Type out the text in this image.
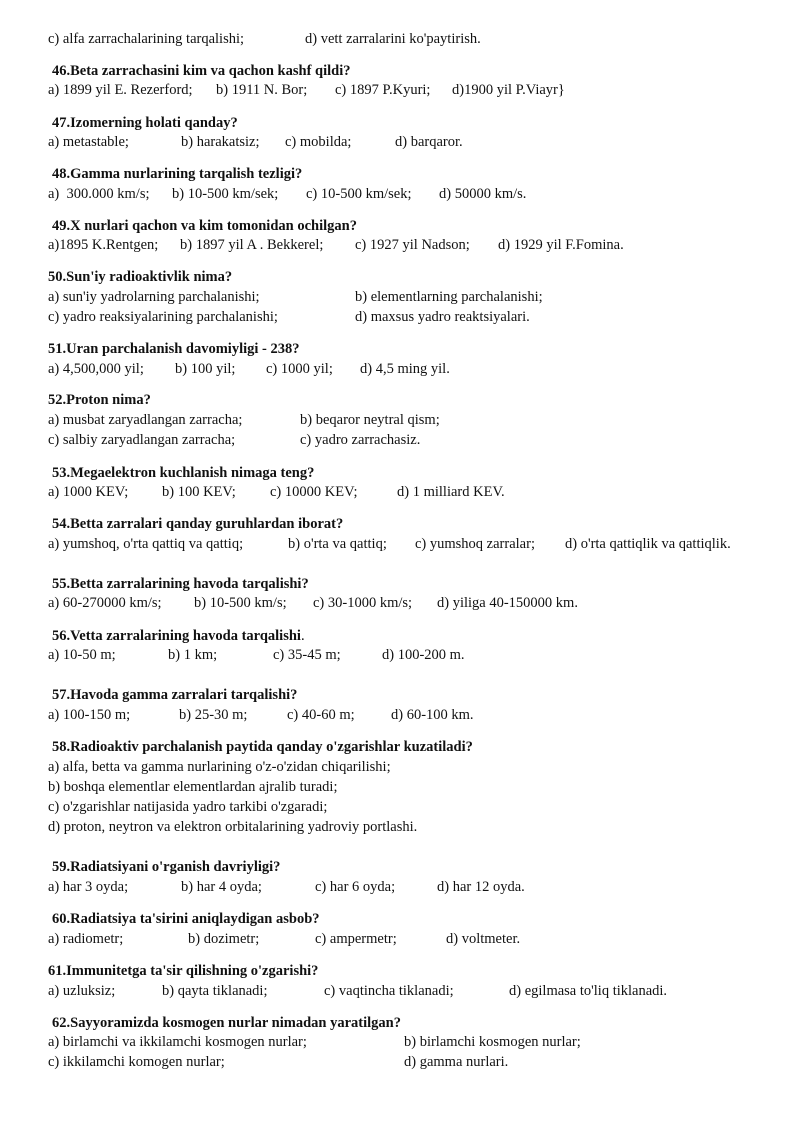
c) alfa zarrachalarining tarqalishi;	d) vett zarralarini ko'paytirish.
46.Beta zarrachasini kim va qachon kashf qildi?
a) 1899 yil E. Rezerford; b) 1911 N. Bor; c) 1897 P.Kyuri; d)1900 yil P.Viayr}
47.Izomerning holati qanday?
a) metastable;	b) harakatsiz; c) mobilda;	d) barqaror.
48.Gamma nurlarining tarqalish tezligi?
a)  300.000 km/s; b) 10-500 km/sek; c) 10-500 km/sek; d) 50000 km/s.
49.X nurlari qachon va kim tomonidan ochilgan?
a)1895 K.Rentgen; b) 1897 yil A . Bekkerel; c) 1927 yil Nadson; d) 1929 yil F.Fomina.
50.Sun'iy radioaktivlik nima?
a) sun'iy yadrolarning parchalanishi;	b) elementlarning parchalanishi;
c) yadro reaksiyalarining parchalanishi;	d) maxsus yadro reaktsiyalari.
51.Uran parchalanish davomiyligi - 238?
a) 4,500,000 yil; b) 100 yil; c) 1000 yil; d) 4,5 ming yil.
52.Proton nima?
a) musbat zaryadlangan zarracha;	b) beqaror neytral qism;
c) salbiy zaryadlangan zarracha;	c) yadro zarrachasiz.
53.Megaelektron kuchlanish nimaga teng?
a) 1000 KEV; b) 100 KEV; c) 10000 KEV;	d) 1 milliard KEV.
54.Betta zarralari qanday guruhlardan iborat?
a) yumshoq, o'rta qattiq va qattiq;	b) o'rta va qattiq; c) yumshoq zarralar; d) o'rta qattiqlik va qattiqlik.
55.Betta zarralarining havoda tarqalishi?
a) 60-270000 km/s; b) 10-500 km/s; c) 30-1000 km/s; d) yiliga 40-150000 km.
56.Vetta zarralarining havoda tarqalishi.
a) 10-50 m;	b) 1 km;	c) 35-45 m;	d) 100-200 m.
57.Havoda gamma zarralari tarqalishi?
a) 100-150 m;	b) 25-30 m;	c) 40-60 m;	d) 60-100 km.
58.Radioaktiv parchalanish paytida qanday o'zgarishlar kuzatiladi?
a) alfa, betta va gamma nurlarining o'z-o'zidan chiqarilishi;
b) boshqa elementlar elementlardan ajralib turadi;
c) o'zgarishlar natijasida yadro tarkibi o'zgaradi;
d) proton, neytron va elektron orbitalarining yadroviy portlashi.
59.Radiatsiyani o'rganish davriyligi?
a) har 3 oyda;	b) har 4 oyda;	c) har 6 oyda;	d) har 12 oyda.
60.Radiatsiya ta'sirini aniqlaydigan asbob?
a) radiometr;	b) dozimetr;	c) ampermetr;	d) voltmeter.
61.Immunitetga ta'sir qilishning o'zgarishi?
a) uzluksiz;	b) qayta tiklanadi;	c) vaqtincha tiklanadi;	d) egilmasa to'liq tiklanadi.
62.Sayyoramizda kosmogen nurlar nimadan yaratilgan?
a) birlamchi va ikkilamchi kosmogen nurlar;	b) birlamchi kosmogen nurlar;
c) ikkilamchi komogen nurlar;	d) gamma nurlari.
